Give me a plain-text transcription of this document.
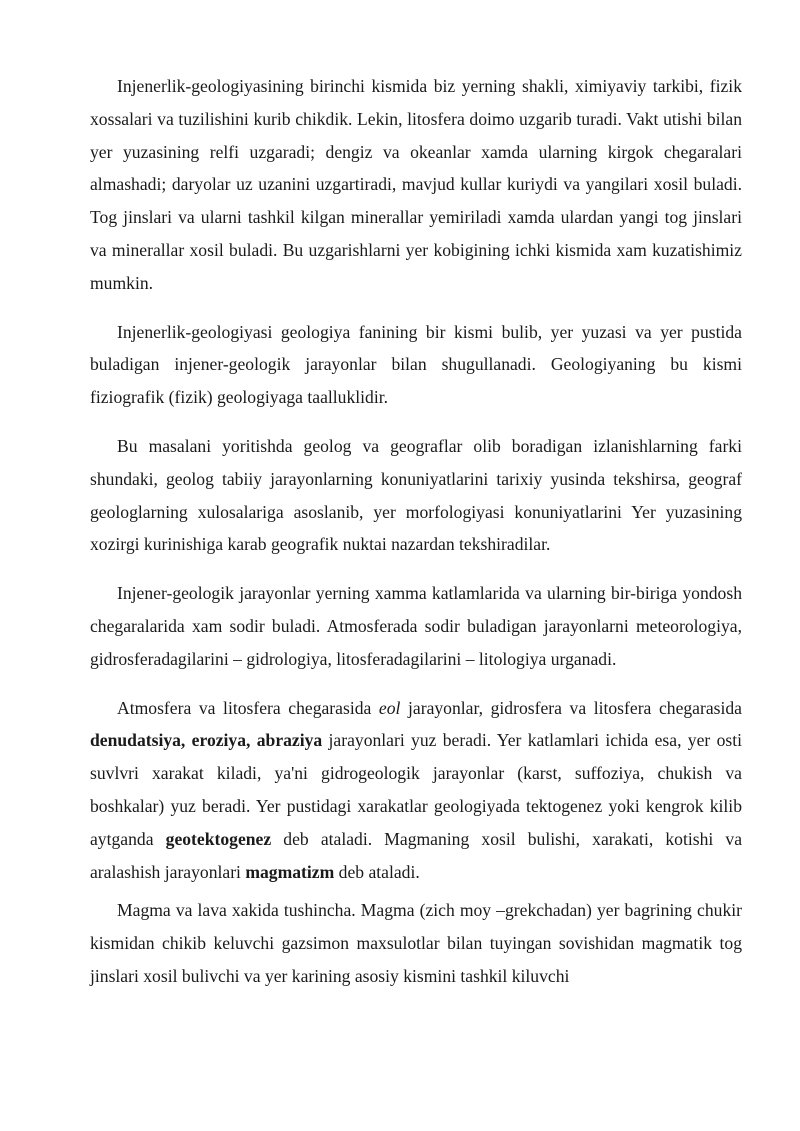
Injenerlik-geologiyasining birinchi kismida biz yerning shakli, ximiyaviy tarkibi, fizik xossalari va tuzilishini kurib chikdik. Lekin, litosfera doimo uzgarib turadi. Vakt utishi bilan yer yuzasining relfi uzgaradi; dengiz va okeanlar xamda ularning kirgok chegaralari almashadi; daryolar uz uzanini uzgartiradi, mavjud kullar kuriydi va yangilari xosil buladi. Tog jinslari va ularni tashkil kilgan minerallar yemiriladi xamda ulardan yangi tog jinslari va minerallar xosil buladi. Bu uzgarishlarni yer kobigining ichki kismida xam kuzatishimiz mumkin.

Injenerlik-geologiyasi geologiya fanining bir kismi bulib, yer yuzasi va yer pustida buladigan injener-geologik jarayonlar bilan shugullanadi. Geologiyaning bu kismi fiziografik (fizik) geologiyaga taalluklidir.

Bu masalani yoritishda geolog va geograflar olib boradigan izlanishlarning farki shundaki, geolog tabiiy jarayonlarning konuniyatlarini tarixiy yusinda tekshirsa, geograf geologlarning xulosalariga asoslanib, yer morfologiyasi konuniyatlarini Yer yuzasining xozirgi kurinishiga karab geografik nuktai nazardan tekshiradilar.

Injener-geologik jarayonlar yerning xamma katlamlarida va ularning bir-biriga yondosh chegaralarida xam sodir buladi. Atmosferada sodir buladigan jarayonlarni meteorologiya, gidrosferadagilarini – gidrologiya, litosferadagilarini – litologiya urganadi.

Atmosfera va litosfera chegarasida eol jarayonlar, gidrosfera va litosfera chegarasida denudatsiya, eroziya, abraziya jarayonlari yuz beradi. Yer katlamlari ichida esa, yer osti suvlvri xarakat kiladi, ya'ni gidrogeologik jarayonlar (karst, suffoziya, chukish va boshkalar) yuz beradi. Yer pustidagi xarakatlar geologiyada tektogenez yoki kengrok kilib aytganda geotektogenez deb ataladi. Magmaning xosil bulishi, xarakati, kotishi va aralashish jarayonlari magmatizm deb ataladi.

Magma va lava xakida tushincha. Magma (zich moy –grekchadan) yer bagrining chukir kismidan chikib keluvchi gazsimon maxsulotlar bilan tuyingan sovishidan magmatik tog jinslari xosil bulivchi va yer karining asosiy kismini tashkil kiluvchi
